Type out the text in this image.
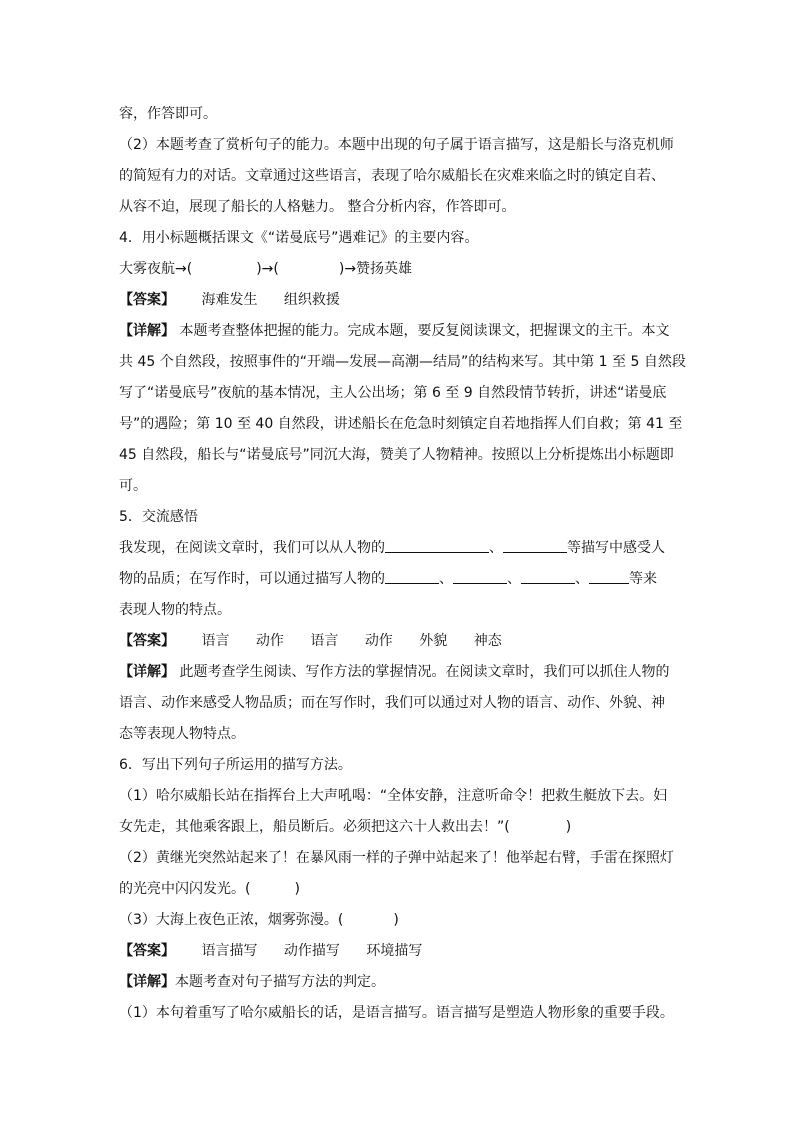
容，作答即可。
（2）本题考查了赏析句子的能力。本题中出现的句子属于语言描写，这是船长与洛克机师
的简短有力的对话。文章通过这些语言，表现了哈尔威船长在灾难来临之时的镇定自若、
从容不迫，展现了船长的人格魅力。 整合分析内容，作答即可。
4．用小标题概括课文《“诺曼底号”遇难记》的主要内容。
大雾夜航→(	)→(	)→赞扬英雄
【答案】 海难发生 组织救援
【详解】 本题考查整体把握的能力。完成本题，要反复阅读课文，把握课文的主干。本文
共 45 个自然段，按照事件的“开端—发展—高潮—结局”的结构来写。其中第 1 至 5 自然段
写了“诺曼底号”夜航的基本情况，主人公出场；第 6 至 9 自然段情节转折，讲述“诺曼底
号”的遇险；第 10 至 40 自然段，讲述船长在危急时刻镇定自若地指挥人们自救；第 41 至
45 自然段，船长与“诺曼底号”同沉大海，赞美了人物精神。按照以上分析提炼出小标题即
可。
5．交流感悟
我发现，在阅读文章时，我们可以从人物的	、	等描写中感受人
物的品质；在写作时，可以通过描写人物的	、	、	、	等来
表现人物的特点。
【答案】 语言 动作 语言 动作 外貌 神态
【详解】 此题考查学生阅读、写作方法的掌握情况。在阅读文章时，我们可以抓住人物的
语言、动作来感受人物品质；而在写作时，我们可以通过对人物的语言、动作、外貌、神
态等表现人物特点。
6．写出下列句子所运用的描写方法。
（1）哈尔威船长站在指挥台上大声吼喝：“全体安静，注意听命令！把救生艇放下去。妇
女先走，其他乘客跟上，船员断后。必须把这六十人救出去！”(	)
（2）黄继光突然站起来了！在暴风雨一样的子弹中站起来了！他举起右臂，手雷在探照灯
的光亮中闪闪发光。(	)
（3）大海上夜色正浓，烟雾弥漫。(	)
【答案】 语言描写 动作描写 环境描写
【详解】本题考查对句子描写方法的判定。
（1）本句着重写了哈尔威船长的话，是语言描写。语言描写是塑造人物形象的重要手段。
